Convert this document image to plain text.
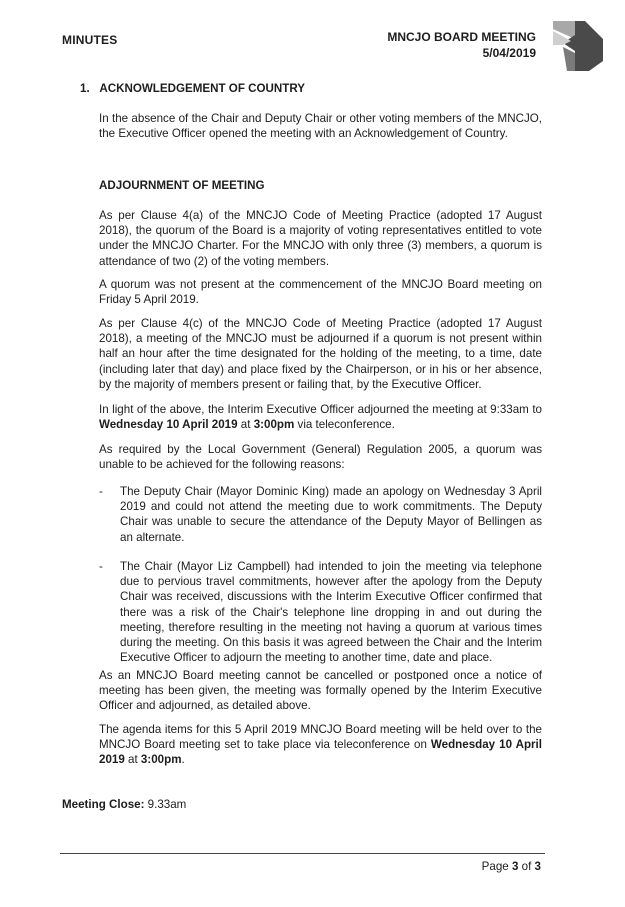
MINUTES	MNCJO BOARD MEETING
5/04/2019
1. ACKNOWLEDGEMENT OF COUNTRY

In the absence of the Chair and Deputy Chair or other voting members of the MNCJO, the Executive Officer opened the meeting with an Acknowledgement of Country.

ADJOURNMENT OF MEETING

As per Clause 4(a) of the MNCJO Code of Meeting Practice (adopted 17 August 2018), the quorum of the Board is a majority of voting representatives entitled to vote under the MNCJO Charter. For the MNCJO with only three (3) members, a quorum is attendance of two (2) of the voting members.

A quorum was not present at the commencement of the MNCJO Board meeting on Friday 5 April 2019.

As per Clause 4(c) of the MNCJO Code of Meeting Practice (adopted 17 August 2018), a meeting of the MNCJO must be adjourned if a quorum is not present within half an hour after the time designated for the holding of the meeting, to a time, date (including later that day) and place fixed by the Chairperson, or in his or her absence, by the majority of members present or failing that, by the Executive Officer.

In light of the above, the Interim Executive Officer adjourned the meeting at 9:33am to Wednesday 10 April 2019 at 3:00pm via teleconference.

As required by the Local Government (General) Regulation 2005, a quorum was unable to be achieved for the following reasons:

- The Deputy Chair (Mayor Dominic King) made an apology on Wednesday 3 April 2019 and could not attend the meeting due to work commitments. The Deputy Chair was unable to secure the attendance of the Deputy Mayor of Bellingen as an alternate.
- The Chair (Mayor Liz Campbell) had intended to join the meeting via telephone due to pervious travel commitments, however after the apology from the Deputy Chair was received, discussions with the Interim Executive Officer confirmed that there was a risk of the Chair's telephone line dropping in and out during the meeting, therefore resulting in the meeting not having a quorum at various times during the meeting. On this basis it was agreed between the Chair and the Interim Executive Officer to adjourn the meeting to another time, date and place.

As an MNCJO Board meeting cannot be cancelled or postponed once a notice of meeting has been given, the meeting was formally opened by the Interim Executive Officer and adjourned, as detailed above.

The agenda items for this 5 April 2019 MNCJO Board meeting will be held over to the MNCJO Board meeting set to take place via teleconference on Wednesday 10 April 2019 at 3:00pm.

Meeting Close: 9.33am
Page 3 of 3
